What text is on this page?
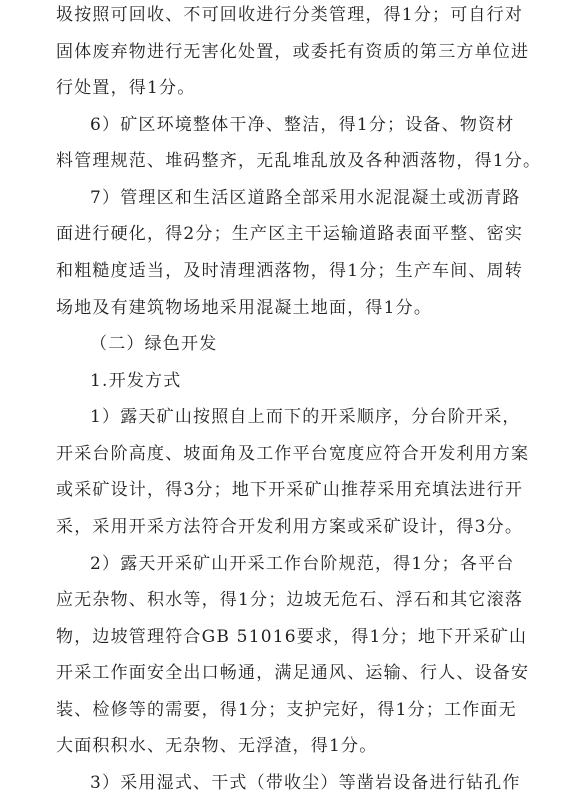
圾按照可回收、不可回收进行分类管理，得1分；可自行对
固体废弃物进行无害化处置，或委托有资质的第三方单位进
行处置，得1分。
6）矿区环境整体干净、整洁，得1分；设备、物资材
料管理规范、堆码整齐，无乱堆乱放及各种洒落物，得1分。
7）管理区和生活区道路全部采用水泥混凝土或沥青路
面进行硬化，得2分；生产区主干运输道路表面平整、密实
和粗糙度适当，及时清理洒落物，得1分；生产车间、周转
场地及有建筑物场地采用混凝土地面，得1分。
（二）绿色开发
1.开发方式
1）露天矿山按照自上而下的开采顺序，分台阶开采，
开采台阶高度、坡面角及工作平台宽度应符合开发利用方案
或采矿设计，得3分；地下开采矿山推荐采用充填法进行开
采，采用开采方法符合开发利用方案或采矿设计，得3分。
2）露天开采矿山开采工作台阶规范，得1分；各平台
应无杂物、积水等，得1分；边坡无危石、浮石和其它滚落
物，边坡管理符合GB 51016要求，得1分；地下开采矿山
开采工作面安全出口畅通，满足通风、运输、行人、设备安
装、检修等的需要，得1分；支护完好，得1分；工作面无
大面积积水、无杂物、无浮渣，得1分。
3）采用湿式、干式（带收尘）等凿岩设备进行钻孔作
